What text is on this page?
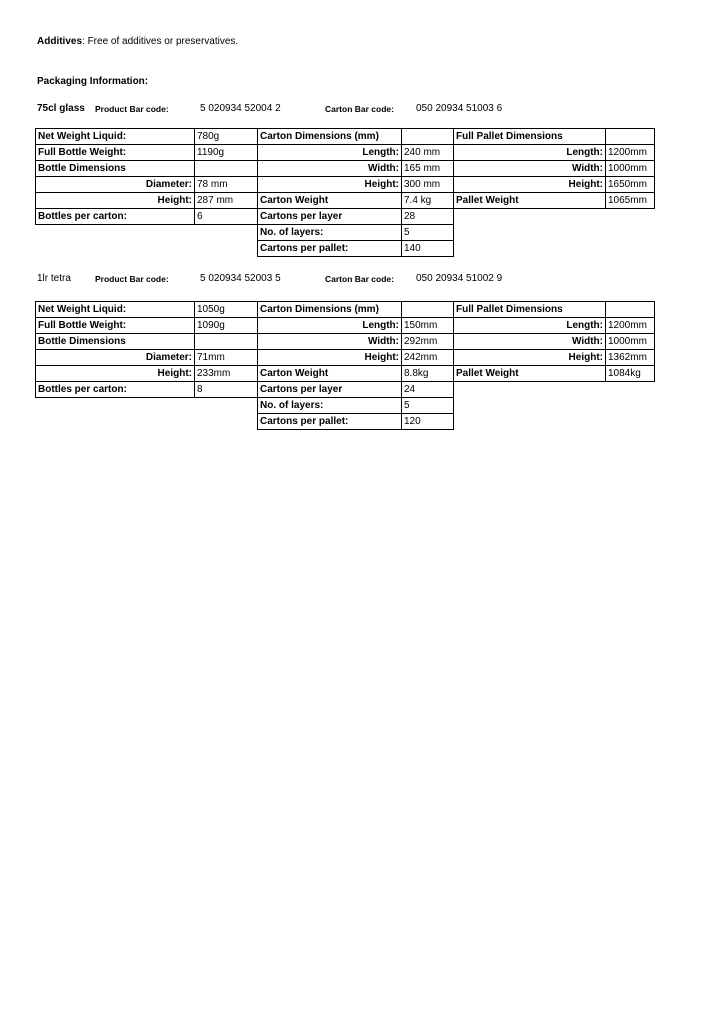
Additives: Free of additives or preservatives.
Packaging Information:
75cl glass Product Bar code:	5 020934 52004 2	Carton Bar code: 050 20934 51003 6
Net Weight Liquid:	780g	Carton Dimensions (mm)		Full Pallet Dimensions	
Full Bottle Weight:	1190g	Length:	240 mm	Length:	1200mm
Bottle Dimensions		Width:	165 mm	Width:	1000mm
Diameter:	78 mm	Height:	300 mm	Height:	1650mm
Height:	287 mm	Carton Weight	7.4 kg	Pallet Weight	1065mm
Bottles per carton:	6	Cartons per layer	28		
		No. of layers:	5		
		Cartons per pallet:	140		
1lr tetra	Product Bar code:	5 020934 52003 5	Carton Bar code: 050 20934 51002 9
Net Weight Liquid:	1050g	Carton Dimensions (mm)		Full Pallet Dimensions	
Full Bottle Weight:	1090g	Length:	150mm	Length:	1200mm
Bottle Dimensions		Width:	292mm	Width:	1000mm
Diameter:	71mm	Height:	242mm	Height:	1362mm
Height:	233mm	Carton Weight	8.8kg	Pallet Weight	1084kg
Bottles per carton:	8	Cartons per layer	24		
		No. of layers:	5		
		Cartons per pallet:	120		
